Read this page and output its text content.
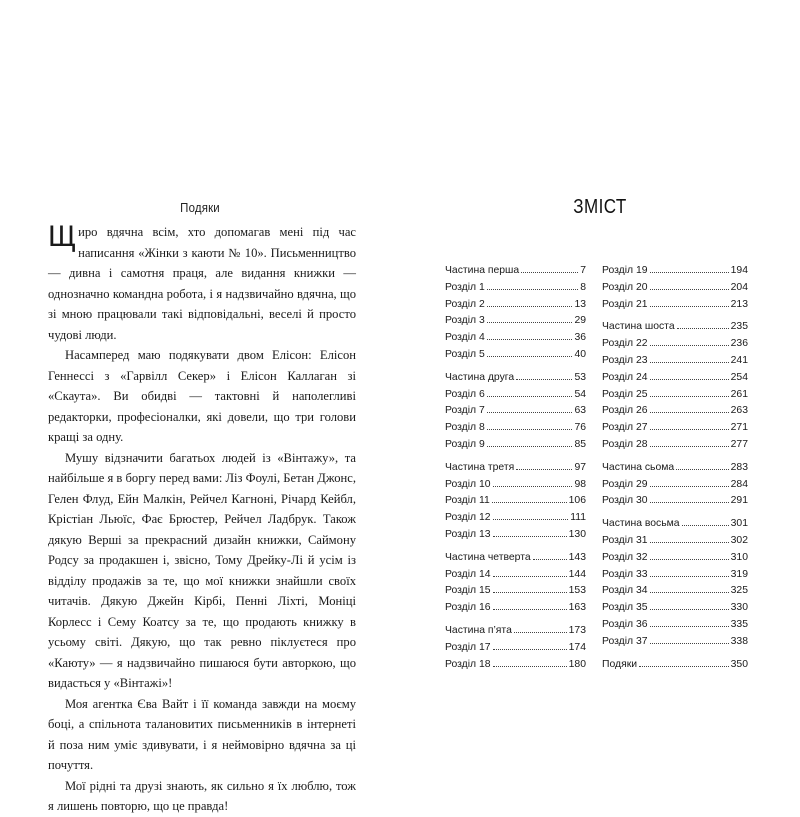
Подяки

Щиро вдячна всім, хто допомагав мені під час написання «Жінки з каюти № 10». Письменництво — дивна і самотня праця, але видання книжки — однозначно командна робота, і я надзвичайно вдячна, що зі мною працювали такі відповідальні, веселі й просто чудові люди.

Насамперед маю подякувати двом Елісон: Елісон Геннессі з «Гарвілл Секер» і Елісон Каллаган зі «Скаута». Ви обидві — тактовні й наполегливі редакторки, професіоналки, які довели, що три голови кращі за одну.

Мушу відзначити багатьох людей із «Вінтажу», та найбільше я в боргу перед вами: Ліз Фоулі, Бетан Джонс, Гелен Флуд, Ейн Малкін, Рейчел Кагноні, Річард Кейбл, Крістіан Льюїс, Фає Брюстер, Рейчел Ладбрук. Також дякую Верші за прекрасний дизайн книжки, Саймону Родсу за продакшен і, звісно, Тому Дрейку-Лі й усім із відділу продажів за те, що мої книжки знайшли своїх читачів. Дякую Джейн Кірбі, Пенні Ліхті, Моніці Корлесс і Сему Коатсу за те, що продають книжку в усьому світі. Дякую, що так ревно піклуєтеся про «Каюту» — я надзвичайно пишаюся бути авторкою, що видасться у «Вінтажі»!

Моя агентка Єва Вайт і її команда завжди на моєму боці, а спільнота талановитих письменників в інтернеті й поза ним уміє здивувати, і я неймовірно вдячна за ці почуття.

Мої рідні та друзі знають, як сильно я їх люблю, тож я лишень повторю, що це правда!

ЗМІСТ
Частина перша	7
Розділ 1	8
Розділ 2	13
Розділ 3	29
Розділ 4	36
Розділ 5	40
Частина друга	53
Розділ 6	54
Розділ 7	63
Розділ 8	76
Розділ 9	85
Частина третя	97
Розділ 10	98
Розділ 11	106
Розділ 12	111
Розділ 13	130
Частина четверта	143
Розділ 14	144
Розділ 15	153
Розділ 16	163
Частина п’ята	173
Розділ 17	174
Розділ 18	180
Розділ 19	194
Розділ 20	204
Розділ 21	213
Частина шоста	235
Розділ 22	236
Розділ 23	241
Розділ 24	254
Розділ 25	261
Розділ 26	263
Розділ 27	271
Розділ 28	277
Частина сьома	283
Розділ 29	284
Розділ 30	291
Частина восьма	301
Розділ 31	302
Розділ 32	310
Розділ 33	319
Розділ 34	325
Розділ 35	330
Розділ 36	335
Розділ 37	338
Подяки	350
